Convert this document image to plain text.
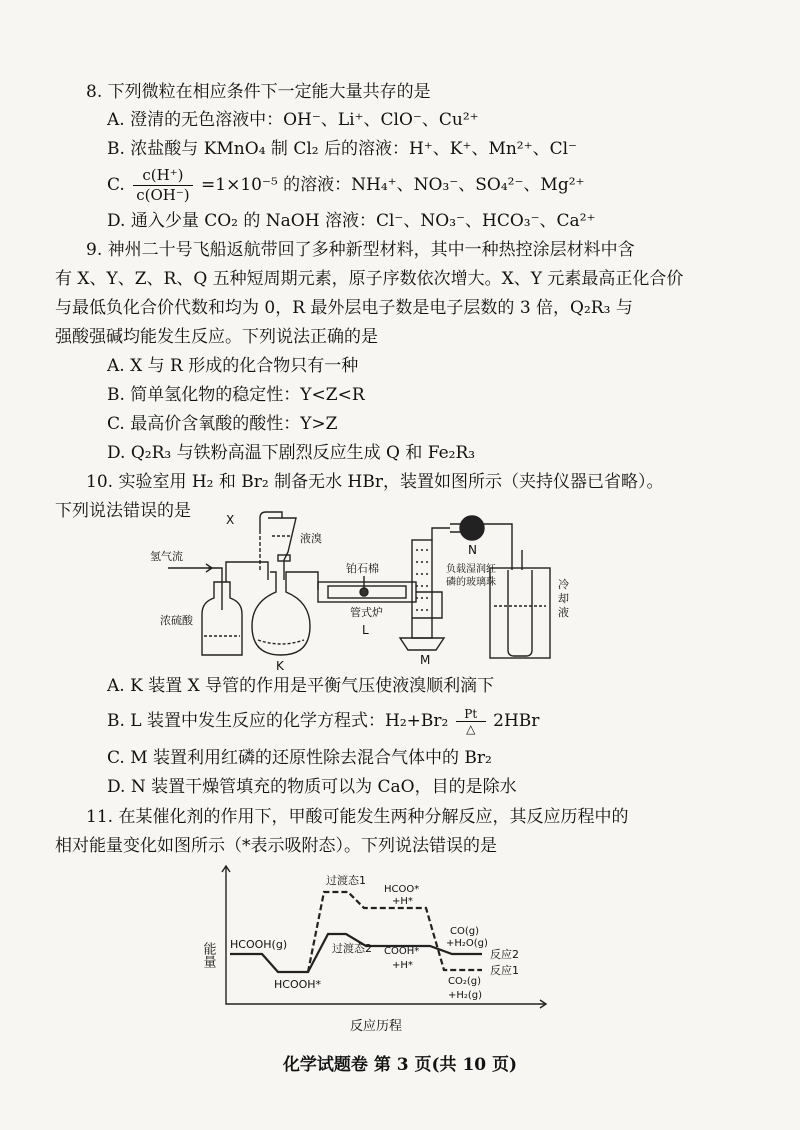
8. 下列微粒在相应条件下一定能大量共存的是
A. 澄清的无色溶液中：OH⁻、Li⁺、ClO⁻、Cu²⁺
B. 浓盐酸与 KMnO₄ 制 Cl₂ 后的溶液：H⁺、K⁺、Mn²⁺、Cl⁻
C. $\frac{c(H^+)}{c(OH^-)} =1\times 10^{-5}$ 的溶液：NH₄⁺、NO₃⁻、SO₄²⁻、Mg²⁺
D. 通入少量 CO₂ 的 NaOH 溶液：Cl⁻、NO₃⁻、HCO₃⁻、Ca²⁺
9. 神州二十号飞船返航带回了多种新型材料，其中一种热控涂层材料中含
有 X、Y、Z、R、Q 五种短周期元素，原子序数依次增大。X、Y 元素最高正化合价
与最低负化合价代数和均为 0，R 最外层电子数是电子层数的 3 倍，Q₂R₃ 与
强酸强碱均能发生反应。下列说法正确的是
A. X 与 R 形成的化合物只有一种
B. 简单氢化物的稳定性：Y<Z<R
C. 最高价含氧酸的酸性：Y>Z
D. Q₂R₃ 与铁粉高温下剧烈反应生成 Q 和 Fe₂R₃
10. 实验室用 H₂ 和 Br₂ 制备无水 HBr，装置如图所示（夹持仪器已省略）。
下列说法错误的是	X
氢气流
液溴
铂石棉
浓硫酸
K
管式炉
L
M
N
负载湿润红
磷的玻璃珠	冷
却
液
A. K 装置 X 导管的作用是平衡气压使液溴顺利滴下
B. L 装置中发生反应的化学方程式：H₂+Br₂	Pt
△	2HBr
C. M 装置利用红磷的还原性除去混合气体中的 Br₂
D. N 装置干燥管填充的物质可以为 CaO，目的是除水
11. 在某催化剂的作用下，甲酸可能发生两种分解反应，其反应历程中的
相对能量变化如图所示（*表示吸附态）。下列说法错误的是
能量
反应历程
HCOOH(g)
HCOOH*
过渡态1
过渡态2
HCOO*
+H*
COOH*
+H*
CO(g)
+H₂O(g)
CO₂(g)
+H₂(g)
反应2
反应1
化学试题卷 第 3 页(共 10 页)
